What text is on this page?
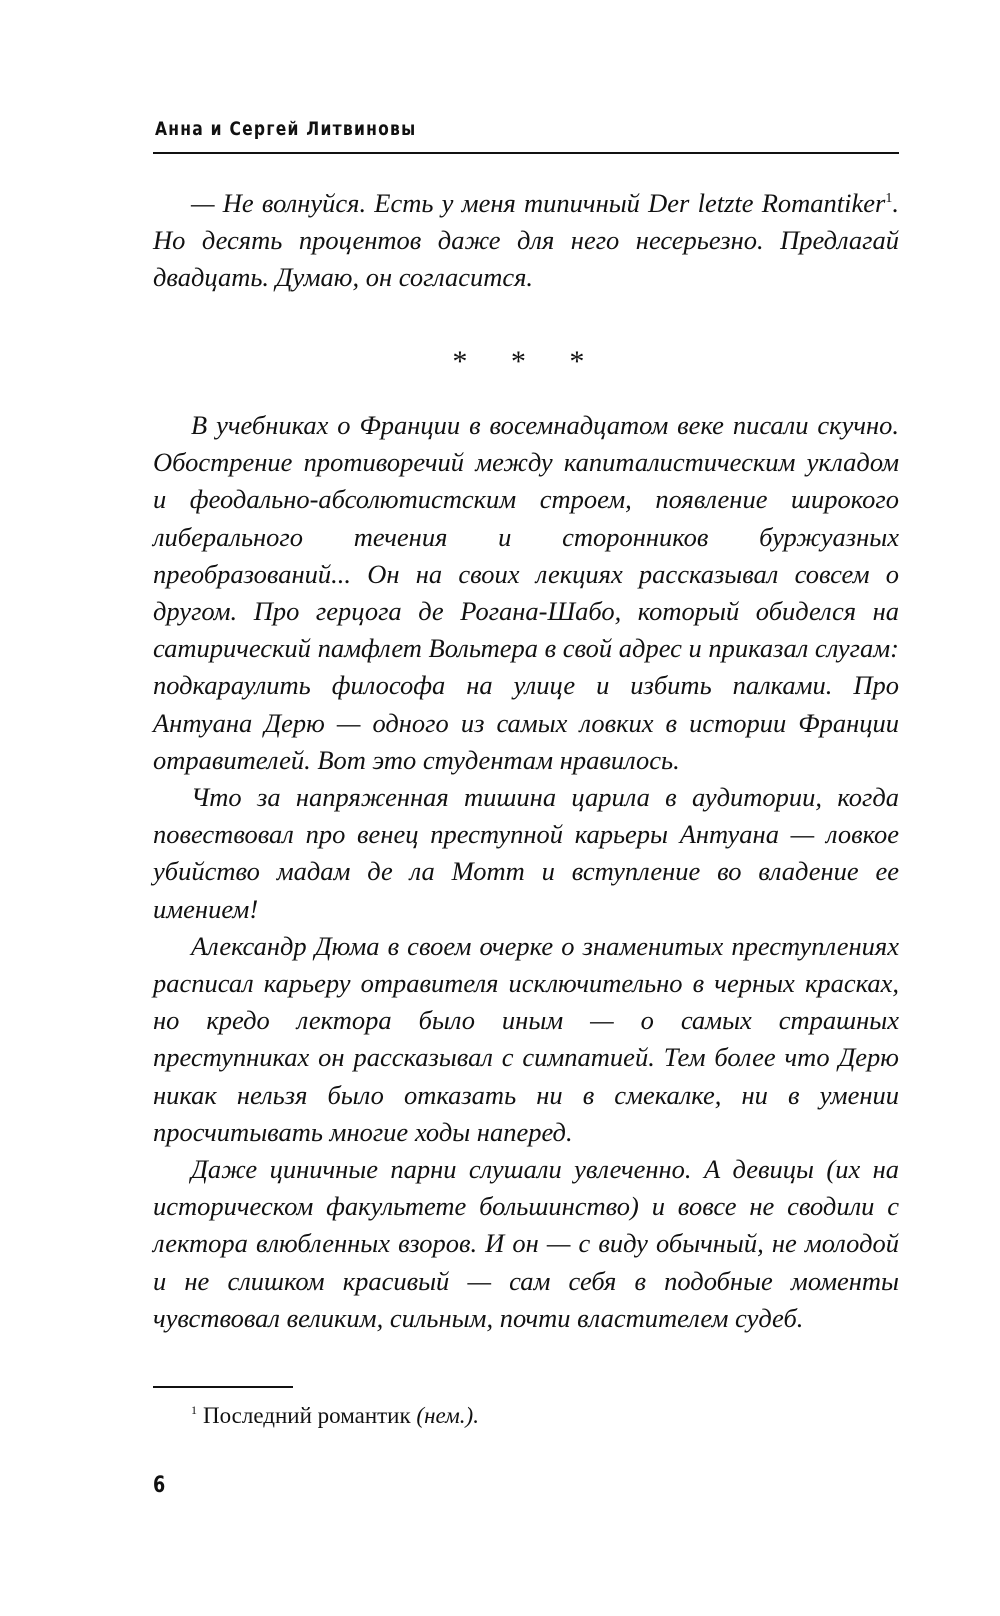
Анна и Сергей Литвиновы

— Не волнуйся. Есть у меня типичный Der letzte Romantiker$^1$. Но десять процентов даже для него несерьезно. Предлагай двадцать. Думаю, он согласится.

* * *

В учебниках о Франции в восемнадцатом веке писали скучно. Обострение противоречий между капиталистическим укладом и феодально-абсолютистским строем, появление широкого либерального течения и сторонников буржуазных преобразований... Он на своих лекциях рассказывал совсем о другом. Про герцога де Рогана-Шабо, который обиделся на сатирический памфлет Вольтера в свой адрес и приказал слугам: подкараулить философа на улице и избить палками. Про Антуана Дерю — одного из самых ловких в истории Франции отравителей. Вот это студентам нравилось.

Что за напряженная тишина царила в аудитории, когда повествовал про венец преступной карьеры Антуана — ловкое убийство мадам де ла Мотт и вступление во владение ее имением!

Александр Дюма в своем очерке о знаменитых преступлениях расписал карьеру отравителя исключительно в черных красках, но кредо лектора было иным — о самых страшных преступниках он рассказывал с симпатией. Тем более что Дерю никак нельзя было отказать ни в смекалке, ни в умении просчитывать многие ходы наперед.

Даже циничные парни слушали увлеченно. А девицы (их на историческом факультете большинство) и вовсе не сводили с лектора влюбленных взоров. И он — с виду обычный, не молодой и не слишком красивый — сам себя в подобные моменты чувствовал великим, сильным, почти властителем судеб.

$^1$ Последний романтик (нем.).
6
